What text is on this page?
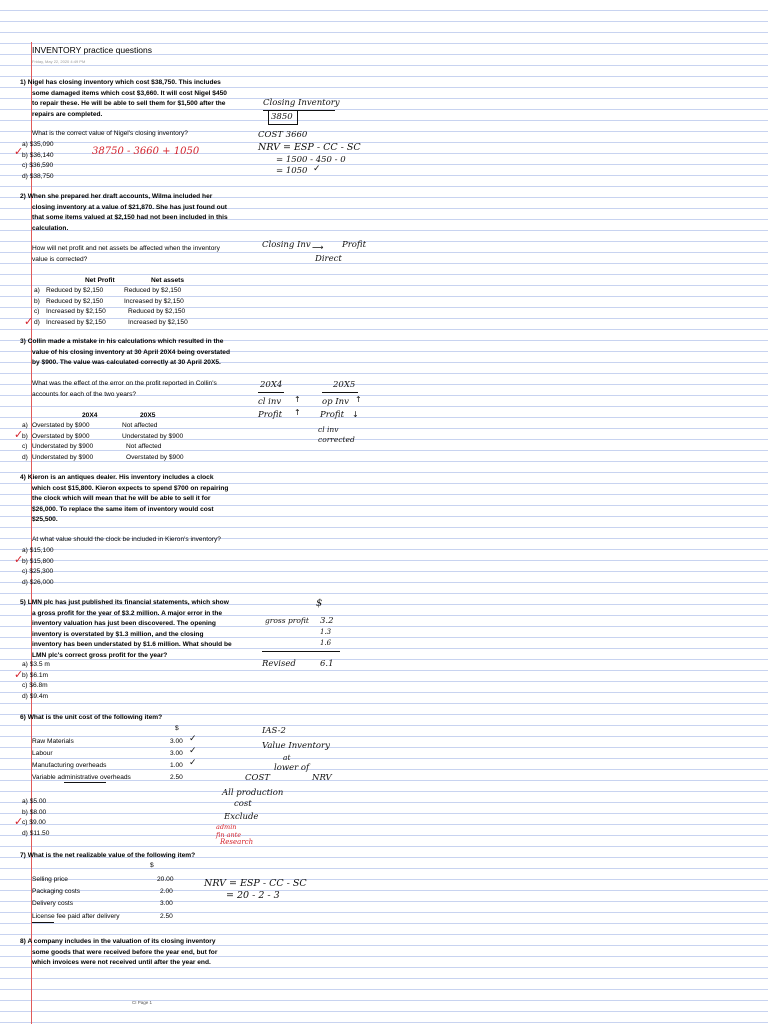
INVENTORY practice questions
Friday, May 22, 2020 4:49 PM
1) Nigel has closing inventory which cost $38,750. This includes
some damaged items which cost $3,660. It will cost Nigel $450
to repair these. He will be able to sell them for $1,500 after the
repairs are completed.
What is the correct value of Nigel's closing inventory?
a) $35,090
b) $36,140
c) $36,590
d) $38,750
✓
Closing Inventory
3850
COST 3660
NRV = ESP - CC - SC
= 1500 - 450 - 0
= 1050 ✓
38750 - 3660 + 1050
2) When she prepared her draft accounts, Wilma included her
closing inventory at a value of $21,870. She has just found out
that some items valued at $2,150 had not been included in this
calculation.
How will net profit and net assets be affected when the inventory
value is corrected?
Net Profit	Net assets
a) Reduced by $2,150	Reduced by $2,150
b) Reduced by $2,150	Increased by $2,150
c) Increased by $2,150	Reduced by $2,150
d) Increased by $2,150	Increased by $2,150
✓
Closing Inv ⟶ Profit
Direct
3) Collin made a mistake in his calculations which resulted in the
value of his closing inventory at 30 April 20X4 being overstated
by $900. The value was calculated correctly at 30 April 20X5.
What was the effect of the error on the profit reported in Collin's
accounts for each of the two years?
20X4	20X5
a) Overstated by $900	Not affected
b) Overstated by $900	Understated by $900
c) Understated by $900	Not affected
d) Understated by $900	Overstated by $900
✓
20X4	20X5
cl inv ↑
Profit ↑
op Inv ↑
Profit ↓
cl inv
corrected
4) Kieron is an antiques dealer. His inventory includes a clock
which cost $15,800. Kieron expects to spend $700 on repairing
the clock which will mean that he will be able to sell it for
$26,000. To replace the same item of inventory would cost
$25,500.
At what value should the clock be included in Kieron's inventory?
a) $15,100
b) $15,800
c) $25,300
d) $26,000
✓
5) LMN plc has just published its financial statements, which show
a gross profit for the year of $3.2 million. A major error in the
inventory valuation has just been discovered. The opening
inventory is overstated by $1.3 million, and the closing
inventory has been understated by $1.6 million. What should be
LMN plc's correct gross profit for the year?
a) $3.5 m
b) $6.1m
c) $6.8m
d) $9.4m
✓
$
gross profit 3.2
1.3
1.6
Revised	6.1
6) What is the unit cost of the following item?
$
Raw Materials	3.00
Labour	3.00
Manufacturing overheads	1.00
Variable administrative overheads	2.50
✓
✓
✓
a) $5.00
b) $8.00
c) $9.00
d) $11.50
✓
IAS-2
Value Inventory
at
lower of
COST	NRV
All production
cost
Exclude
admin
fin ante
Research
7) What is the net realizable value of the following item?
$
Selling price	20.00
Packaging costs	2.00
Delivery costs	3.00
License fee paid after delivery	2.50
NRV = ESP - CC - SC
= 20 - 2 - 3
8) A company includes in the valuation of its closing inventory
some goods that were received before the year end, but for
which invoices were not received until after the year end.
CI Page 1
